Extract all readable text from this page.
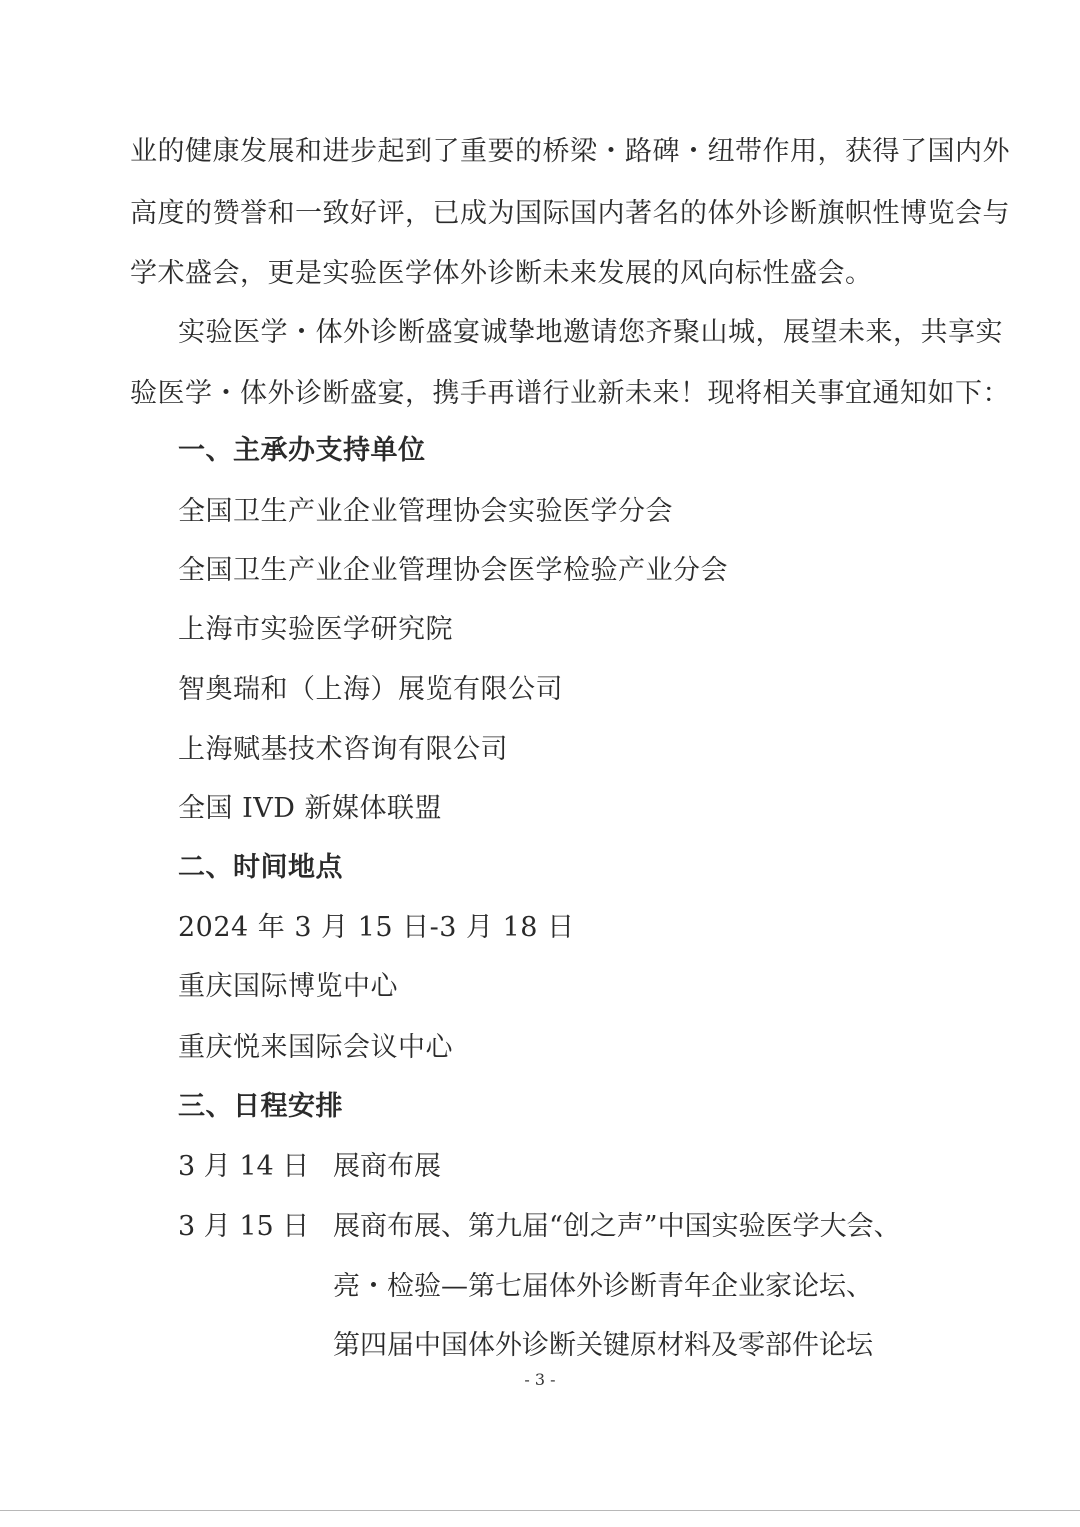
业的健康发展和进步起到了重要的桥梁・路碑・纽带作用，获得了国内外
高度的赞誉和一致好评，已成为国际国内著名的体外诊断旗帜性博览会与
学术盛会，更是实验医学体外诊断未来发展的风向标性盛会。
实验医学・体外诊断盛宴诚挚地邀请您齐聚山城，展望未来，共享实
验医学・体外诊断盛宴，携手再谱行业新未来！现将相关事宜通知如下：
一、主承办支持单位
全国卫生产业企业管理协会实验医学分会
全国卫生产业企业管理协会医学检验产业分会
上海市实验医学研究院
智奥瑞和（上海）展览有限公司
上海赋基技术咨询有限公司
全国 IVD 新媒体联盟
二、时间地点
2024 年 3 月 15 日-3 月 18 日
重庆国际博览中心
重庆悦来国际会议中心
三、日程安排
3 月 14 日 展商布展
3 月 15 日 展商布展、第九届“创之声”中国实验医学大会、
亮・检验—第七届体外诊断青年企业家论坛、
第四届中国体外诊断关键原材料及零部件论坛
- 3 -
